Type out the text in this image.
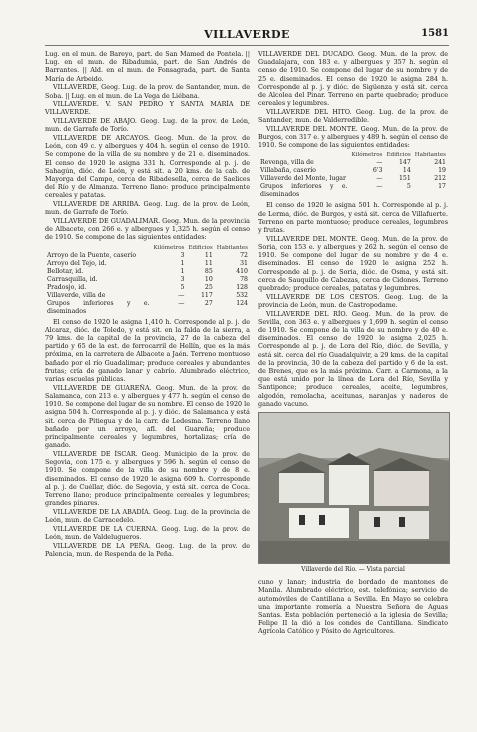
VILLAVERDE	1581

Lug. en el mun. de Bareyo, part. de San Mamed de Pontela. || Lug. en el mun. de Ribadumia, part. de San Andrés de Barrantes. || Ald. en el mun. de Fonsagrada, part. de Santa María de Arbeido.

VILLAVERDE, Geog. Lug. de la prov. de Santander, mun. de Soba. || Lug. en el mun. de La Vega de Liébana.

VILLAVERDE. V. SAN PEDRO Y SANTA MARÍA DE VILLAVERDE.

VILLAVERDE DE ABAJO. Geog. Lug. de la prov. de León, mun. de Garrafe de Torío.

VILLAVERDE DE ARCAYOS. Geog. Mun. de la prov. de León, con 49 c. y albergues y 404 h. según el censo de 1910. Se compone de la villa de su nombre y de 21 e. diseminados. El censo de 1920 le asigna 331 h. Corresponde al p. j. de Sahagún, dióc. de León, y está sit. a 20 kms. de la cab. de Mayorga del Campo, cerca de Ribadesella, cerca de Saelices del Río y de Almanza. Terreno llano: produce principalmente cereales y patatas.

VILLAVERDE DE ARRIBA. Geog. Lug. de la prov. de León, mun. de Garrafe de Torío.

VILLAVERDE DE GUADALIMAR. Geog. Mun. de la provincia de Albacete, con 266 e. y albergues y 1,325 h. según el censo de 1910. Se compone de las siguientes entidades:

	Kilómetros	Edificios	Habitantes
Arroyo de la Puente, caserío	3	11	72
Arroyo del Tejo, id.	1	11	31
Bellotar, id.	1	85	410
Carrasquilla, id.	3	10	78
Pradosjo, id.	5	25	128
Villaverde, villa de	—	117	532
Grupos inferiores y e. diseminados	—	27	124

El censo de 1920 le asigna 1,410 h. Corresponde al p. j. de Alcaraz, dióc. de Toledo, y está sit. en la falda de la sierra, a 79 kms. de la capital de la provincia, 27 de la cabeza del partido y 65 de la est. de ferrocarril de Hellín, que es la más próxima, en la carretera de Albacete a Jaén. Terreno montuoso bañado por el río Guadalimar; produce cereales y abundantes frutas; cría de ganado lanar y cabrío. Alumbrado eléctrico, varias escuelas públicas.

VILLAVERDE DE GUAREÑA. Geog. Mun. de la prov. de Salamanca, con 213 e. y albergues y 477 h. según el censo de 1910. Se compone del lugar de su nombre. El censo de 1920 le asigna 504 h. Corresponde al p. j. y dióc. de Salamanca y está sit. cerca de Pitiegua y de la carr. de Ledesma. Terreno llano bañado por un arroyo, afl. del Guareña; produce principalmente cereales y legumbres, hortalizas; cría de ganado.

VILLAVERDE DE ÍSCAR. Geog. Municipio de la prov. de Segovia, con 175 e. y albergues y 596 h. según el censo de 1910. Se compone de la villa de su nombre y de 8 e. diseminados. El censo de 1920 le asigna 609 h. Corresponde al p. j. de Cuéllar, dióc. de Segovia, y está sit. cerca de Coca. Terreno llano; produce principalmente cereales y legumbres; grandes pinares.

VILLAVERDE DE LA ABADÍA. Geog. Lug. de la provincia de León, mun. de Carracedelo.

VILLAVERDE DE LA CUERNA. Geog. Lug. de la prov. de León, mun. de Valdelugueros.

VILLAVERDE DE LA PEÑA. Geog. Lug. de la prov. de Palencia, mun. de Respenda de la Peña.

VILLAVERDE DEL DUCADO. Geog. Mun. de la prov. de Guadalajara, con 183 e. y albergues y 357 h. según el censo de 1910. Se compone del lugar de su nombre y de 25 e. diseminados. El censo de 1920 le asigna 284 h. Corresponde al p. j. y dióc. de Sigüenza y está sit. cerca de Alcolea del Pinar. Terreno en parte quebrado; produce cereales y legumbres.

VILLAVERDE DEL HITO. Geog. Lug. de la prov. de Santander, mun. de Valderredible.

VILLAVERDE DEL MONTE. Geog. Mun. de la prov. de Burgos, con 317 e. y albergues y 489 h. según el censo de 1910. Se compone de las siguientes entidades:

	Kilómetros	Edificios	Habitantes
Revenga, villa de	—	147	241
Villabaña, caserío	6'3	14	19
Villaverde del Monte, lugar	—	151	212
Grupos inferiores y e. diseminados	—	5	17

El censo de 1920 le asigna 501 h. Corresponde al p. j. de Lerma, dióc. de Burgos, y está sit. cerca de Villafuerte. Terreno en parte montuoso; produce cereales, legumbres y frutas.

VILLAVERDE DEL MONTE. Geog. Mun. de la prov. de Soria, con 153 e. y albergues y 262 h. según el censo de 1910. Se compone del lugar de su nombre y de 4 e. diseminados. El censo de 1920 le asigna 252 h. Corresponde al p. j. de Soria, dióc. de Osma, y está sit. cerca de Sauquillo de Cabezas, cerca de Cidones. Terreno quebrado; produce cereales, patatas y legumbres.

VILLAVERDE DE LOS CESTOS. Geog. Lug. de la provincia de León, mun. de Castropodame.

VILLAVERDE DEL RÍO. Geog. Mun. de la prov. de Sevilla, con 363 e. y albergues y 1,699 h. según el censo de 1910. Se compone de la villa de su nombre y de 40 e. diseminados. El censo de 1920 le asigna 2,025 h. Corresponde al p. j. de Lora del Río, dióc. de Sevilla, y está sit. cerca del río Guadalquivir, a 29 kms. de la capital de la provincia, 30 de la cabeza del partido y 6 de la est. de Brenes, que es la más próxima. Carr. a Carmona, a la que está unido por la línea de Lora del Río, Sevilla y Santiponce; produce cereales, aceite, legumbres, algodón, remolacha, aceitunas, naranjas y naderos de ganado vacuno.

Villaverde del Río. — Vista parcial

cuno y lanar; industria de bordado de mantones de Manila. Alumbrado eléctrico, est. telefónica; servicio de automóviles de Cantillana a Sevilla. En Mayo se celebra una importante romería a Nuestra Señora de Aguas Santas. Esta población perteneció a la iglesia de Sevilla; Felipe II la dió a los condes de Cantillana. Sindicato Agrícola Católico y Pósito de Agricultores.
